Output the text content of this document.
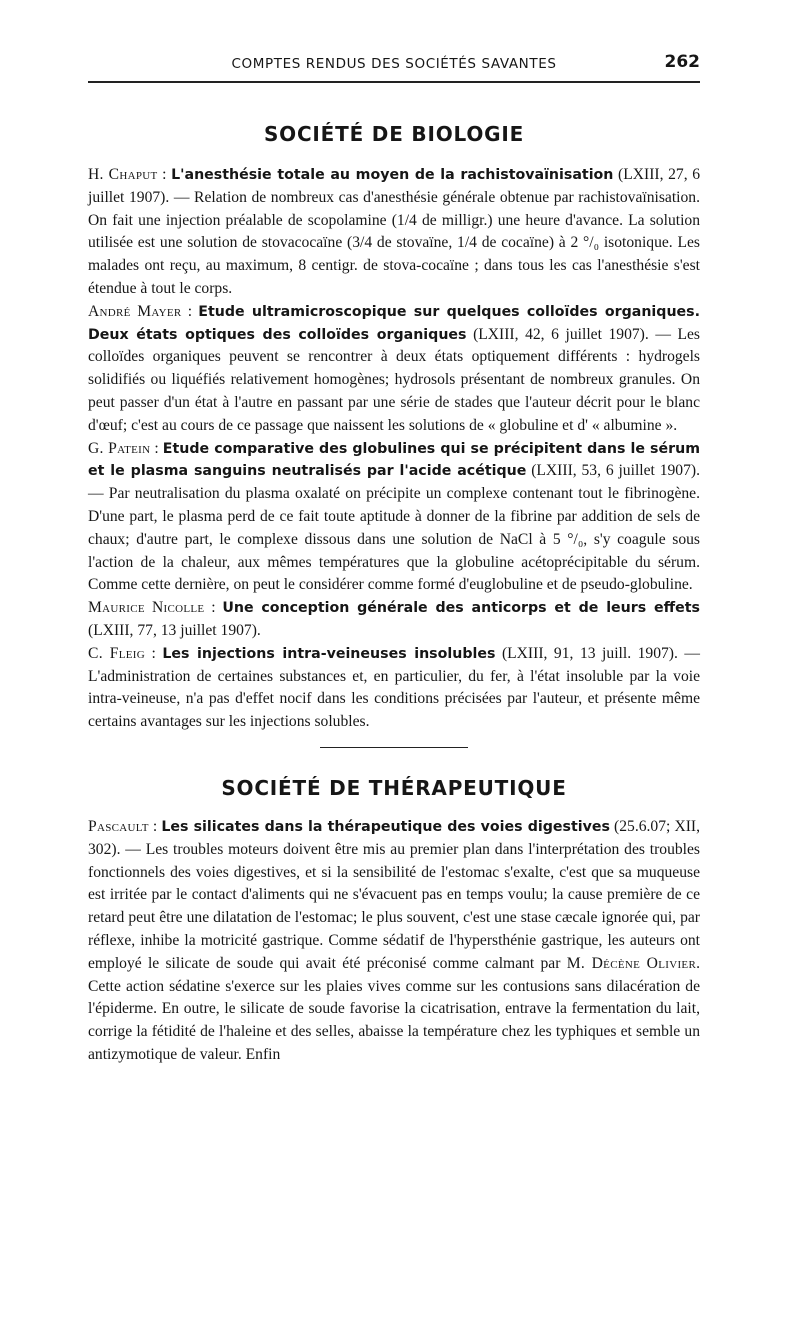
COMPTES RENDUS DES SOCIÉTÉS SAVANTES	262
SOCIÉTÉ DE BIOLOGIE

H. Chaput : L'anesthésie totale au moyen de la rachistovaïnisation (LXIII, 27, 6 juillet 1907). — Relation de nombreux cas d'anesthésie générale obtenue par rachistovaïnisation. On fait une injection préalable de scopolamine (1/4 de milligr.) une heure d'avance. La solution utilisée est une solution de stovacocaïne (3/4 de stovaïne, 1/4 de cocaïne) à 2 °/₀ isotonique. Les malades ont reçu, au maximum, 8 centigr. de stova-cocaïne ; dans tous les cas l'anesthésie s'est étendue à tout le corps.

André Mayer : Etude ultramicroscopique sur quelques colloïdes organiques. Deux états optiques des colloïdes organiques (LXIII, 42, 6 juillet 1907). — Les colloïdes organiques peuvent se rencontrer à deux états optiquement différents : hydrogels solidifiés ou liquéfiés relativement homogènes; hydrosols présentant de nombreux granules. On peut passer d'un état à l'autre en passant par une série de stades que l'auteur décrit pour le blanc d'œuf; c'est au cours de ce passage que naissent les solutions de « globuline et d' « albumine ».

G. Patein : Etude comparative des globulines qui se précipitent dans le sérum et le plasma sanguins neutralisés par l'acide acétique (LXIII, 53, 6 juillet 1907). — Par neutralisation du plasma oxalaté on précipite un complexe contenant tout le fibrinogène. D'une part, le plasma perd de ce fait toute aptitude à donner de la fibrine par addition de sels de chaux; d'autre part, le complexe dissous dans une solution de NaCl à 5 °/₀, s'y coagule sous l'action de la chaleur, aux mêmes températures que la globuline acétoprécipitable du sérum. Comme cette dernière, on peut le considérer comme formé d'euglobuline et de pseudo-globuline.

Maurice Nicolle : Une conception générale des anticorps et de leurs effets (LXIII, 77, 13 juillet 1907).

C. Fleig : Les injections intra-veineuses insolubles (LXIII, 91, 13 juill. 1907). — L'administration de certaines substances et, en particulier, du fer, à l'état insoluble par la voie intra-veineuse, n'a pas d'effet nocif dans les conditions précisées par l'auteur, et présente même certains avantages sur les injections solubles.

SOCIÉTÉ DE THÉRAPEUTIQUE

Pascault : Les silicates dans la thérapeutique des voies digestives (25.6.07; XII, 302). — Les troubles moteurs doivent être mis au premier plan dans l'interprétation des troubles fonctionnels des voies digestives, et si la sensibilité de l'estomac s'exalte, c'est que sa muqueuse est irritée par le contact d'aliments qui ne s'évacuent pas en temps voulu; la cause première de ce retard peut être une dilatation de l'estomac; le plus souvent, c'est une stase cæcale ignorée qui, par réflexe, inhibe la motricité gastrique. Comme sédatif de l'hypersthénie gastrique, les auteurs ont employé le silicate de soude qui avait été préconisé comme calmant par M. Décène Olivier. Cette action sédatine s'exerce sur les plaies vives comme sur les contusions sans dilacération de l'épiderme. En outre, le silicate de soude favorise la cicatrisation, entrave la fermentation du lait, corrige la fétidité de l'haleine et des selles, abaisse la température chez les typhiques et semble un antizymotique de valeur. Enfin
